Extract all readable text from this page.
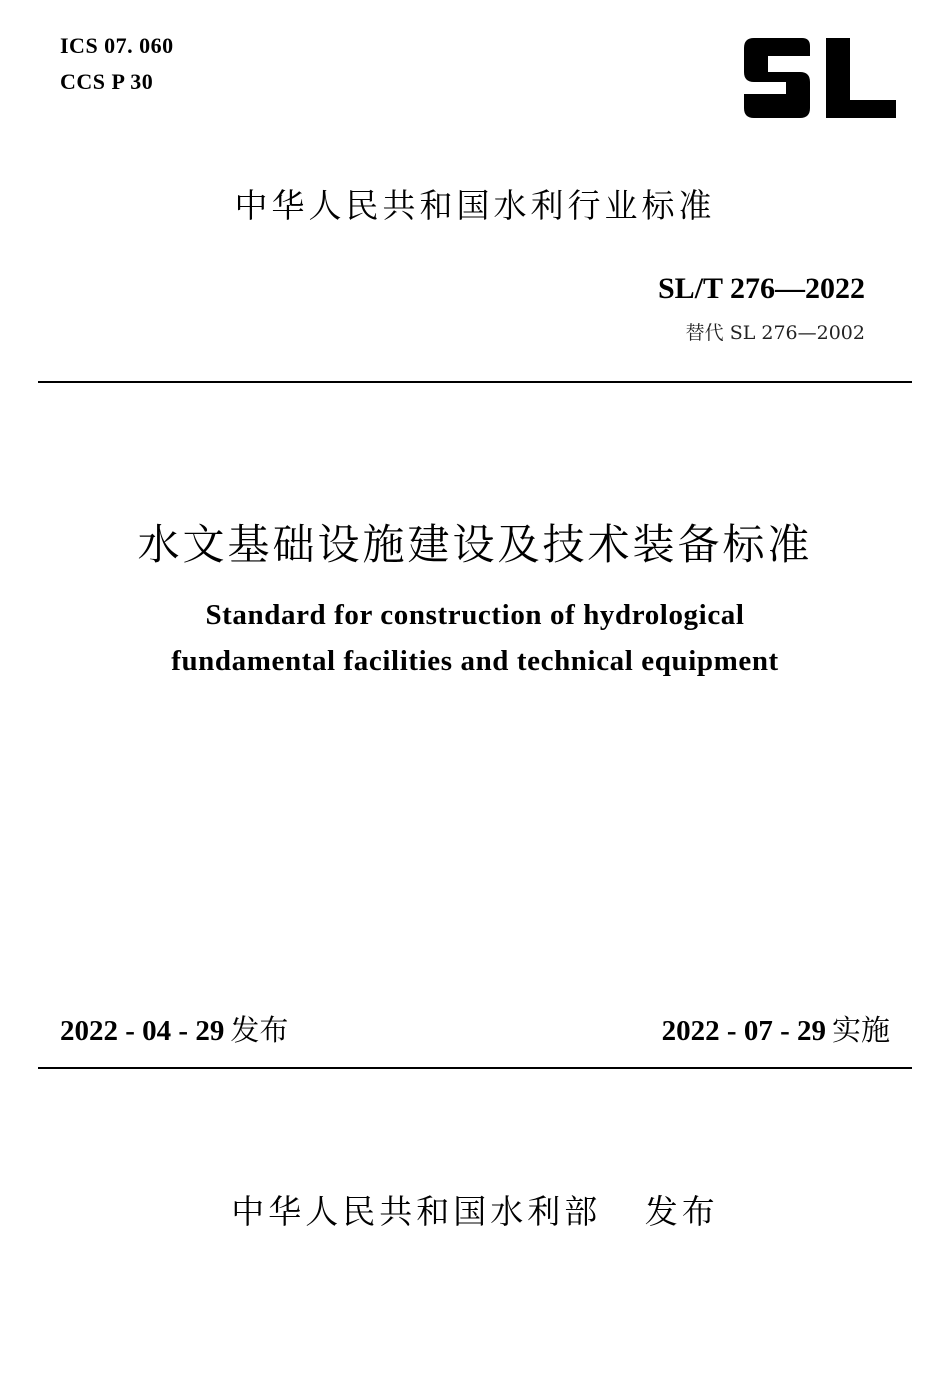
ICS 07. 060
CCS P 30
中华人民共和国水利行业标准
SL/T 276—2022
替代 SL 276—2002
水文基础设施建设及技术装备标准
Standard for construction of hydrological
fundamental facilities and technical equipment
2022 - 04 - 29 发布	2022 - 07 - 29 实施
中华人民共和国水利部 发布
